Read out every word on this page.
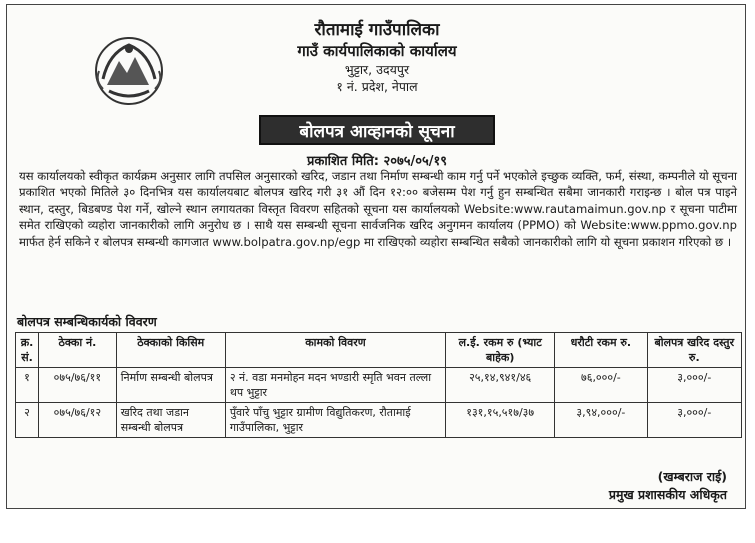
रौतामाई गाउँपालिका
गाउँ कार्यपालिकाको कार्यालय
भुट्टार, उदयपुर
१ नं. प्रदेश, नेपाल
बोलपत्र आव्हानको सूचना
प्रकाशित मिति: २०७५/०५/१९
यस कार्यालयको स्वीकृत कार्यक्रम अनुसार लागि तपसिल अनुसारको खरिद, जडान तथा निर्माण सम्बन्धी काम गर्नु पर्ने भएकोले इच्छुक व्यक्ति, फर्म, संस्था, कम्पनीले यो सूचना प्रकाशित भएको मितिले ३० दिनभित्र यस कार्यालयबाट बोलपत्र खरिद गरी ३१ औं दिन १२:०० बजेसम्म पेश गर्नु हुन सम्बन्धित सबैमा जानकारी गराइन्छ । बोल पत्र पाइने स्थान, दस्तुर, बिडबण्ड पेश गर्ने, खोल्ने स्थान लगायतका विस्तृत विवरण सहितको सूचना यस कार्यालयको Website:www.rautamaimun.gov.np र सूचना पाटीमा समेत राखिएको व्यहोरा जानकारीको लागि अनुरोध छ । साथै यस सम्बन्धी सूचना सार्वजनिक खरिद अनुगमन कार्यालय (PPMO) को Website:www.ppmo.gov.np मार्फत हेर्न सकिने र बोलपत्र सम्बन्धी कागजात www.bolpatra.gov.np/egp मा राखिएको व्यहोरा सम्बन्धित सबैको जानकारीको लागि यो सूचना प्रकाशन गरिएको छ ।
बोलपत्र सम्बन्धिकार्यको विवरण
क्र. सं.	ठेक्का नं.	ठेक्काको किसिम	कामको विवरण	ल.ई. रकम रु (भ्याट बाहेक)	धरौटी रकम रु.	बोलपत्र खरिद दस्तुर रु.
१	०७५/७६/११	निर्माण सम्बन्धी बोलपत्र	२ नं. वडा मनमोहन मदन भण्डारी स्मृति भवन तल्ला थप भुट्टार	२५,१४,९४१/४६	७६,०००/-	३,०००/-
२	०७५/७६/१२	खरिद तथा जडान सम्बन्धी बोलपत्र	पुँवारे पाँचु भुट्टार ग्रामीण विद्युतिकरण, रौतामाई गाउँपालिका, भुट्टार	१३१,१५,५१७/३७	३,९४,०००/-	३,०००/-
(खम्बराज राई)
प्रमुख प्रशासकीय अधिकृत
